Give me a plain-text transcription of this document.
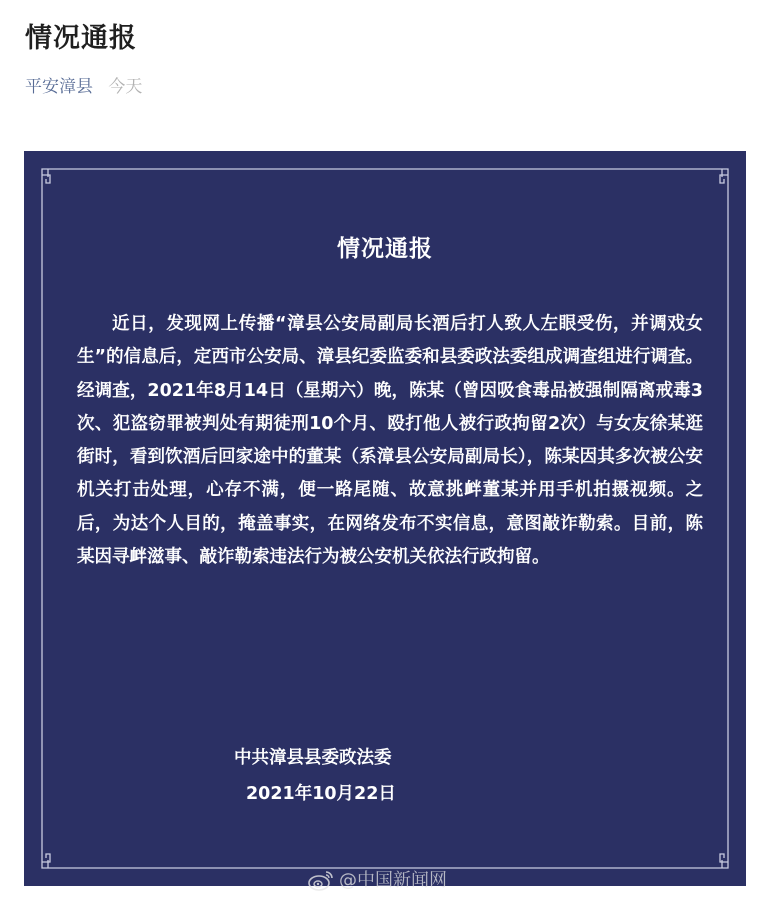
情况通报
平安漳县 今天
情况通报

近日，发现网上传播“漳县公安局副局长酒后打人致人左眼受伤，并调戏女生”的信息后，定西市公安局、漳县纪委监委和县委政法委组成调查组进行调查。经调查，2021年8月14日（星期六）晚，陈某（曾因吸食毒品被强制隔离戒毒3次、犯盗窃罪被判处有期徒刑10个月、殴打他人被行政拘留2次）与女友徐某逛街时，看到饮酒后回家途中的董某（系漳县公安局副局长），陈某因其多次被公安机关打击处理，心存不满，便一路尾随、故意挑衅董某并用手机拍摄视频。之后，为达个人目的，掩盖事实，在网络发布不实信息，意图敲诈勒索。目前，陈某因寻衅滋事、敲诈勒索违法行为被公安机关依法行政拘留。

中共漳县县委政法委
2021年10月22日
@中国新闻网
